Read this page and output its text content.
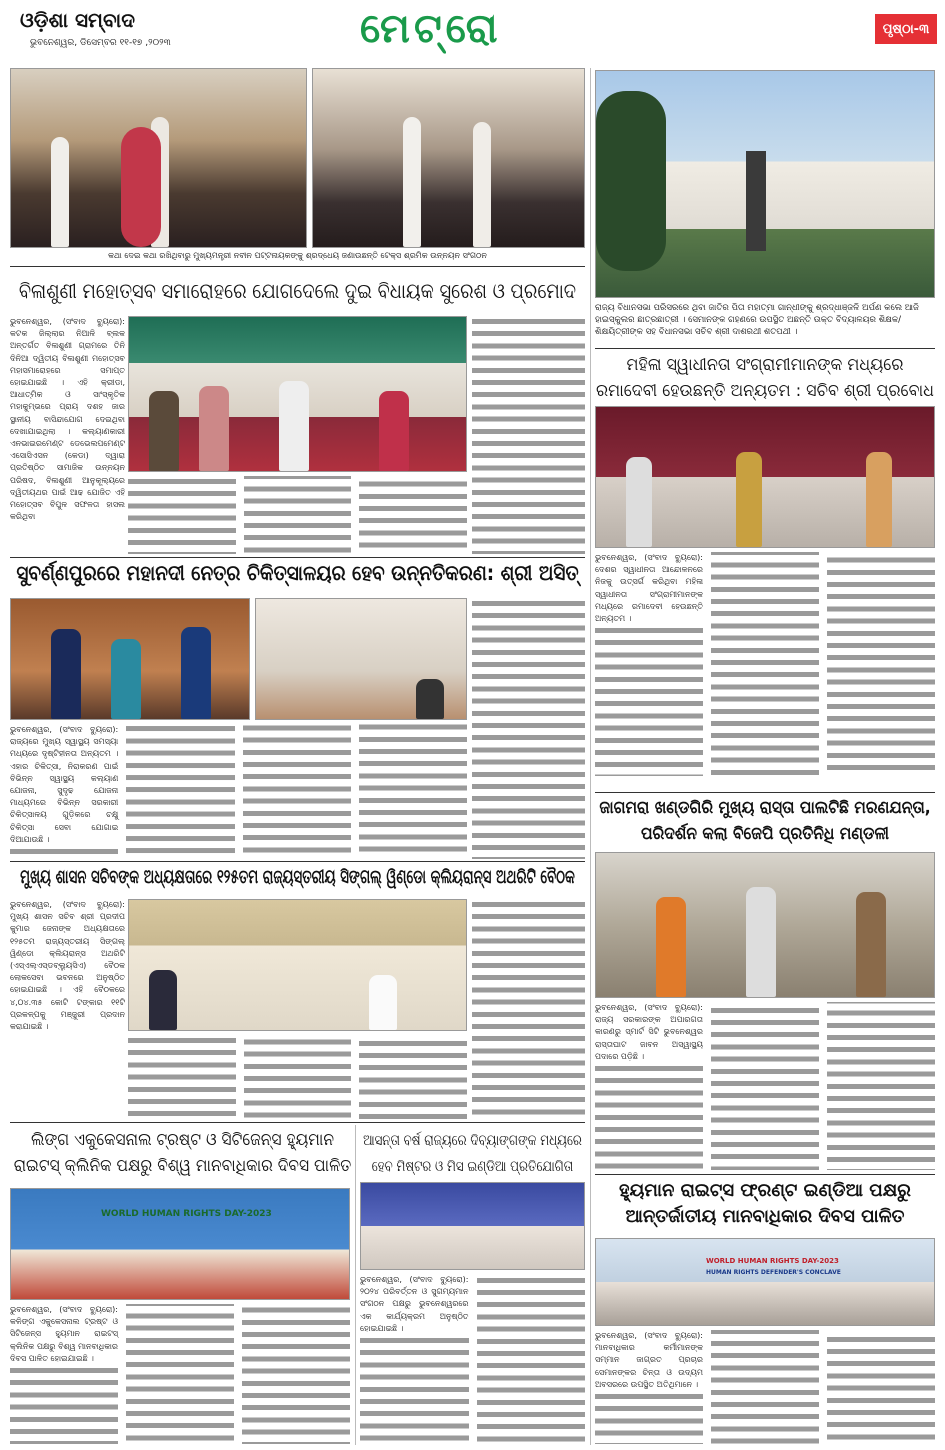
ଓଡ଼ିଶା ସମ୍ବାଦ
ଭୁବନେଶ୍ୱର, ଡିସେମ୍ବର ୧୧-୧୭ ,୨୦୨୩	ମେଟ୍ରୋ	ପୃଷ୍ଠା-୩
କଥା ଦେଇ କଥା ରଖିଥିବାରୁ ମୁଖ୍ୟମନ୍ତ୍ରୀ ନବୀନ ପଟ୍ଟନାୟକଙ୍କୁ ଶ୍ରଦ୍ଧେୟ ଜଣାଉଛନ୍ତି ଟେକ୍ସ ଶ୍ରମିକ ଉନ୍ନୟନ ସଂଗଠନ
ବିଳାଶୁଣୀ ମହୋତ୍ସବ ସମାରୋହରେ ଯୋଗଦେଲେ ଦୁଇ ବିଧାୟକ ସୁରେଶ ଓ ପ୍ରମୋଦ
ଭୁବନେଶ୍ୱର, (ସଂବାଦ ବ୍ୟୁରୋ): କଟକ ଜିଲ୍ଲାର ନିଆଳି ବ୍ଲକ ଅନ୍ତର୍ଗତ ବିଳାଶୁଣୀ ଗ୍ରାମରେ ତିନି ଦିନିଆ ଦ୍ୱିତୀୟ ବିଳାଶୁଣୀ ମହୋତ୍ସବ ମହାସମାରୋହରେ ସମାପ୍ତ ହୋଇଯାଇଛି । ଏହି କ୍ରୀଡା, ଆଧାତ୍ମିକ ଓ ସାଂସ୍କୃତିକ ମହାକୁମ୍ଭରେ ପ୍ରାୟ ଦଶହ ଜାର ସ୍ଥାନୀୟ ବାସିନ୍ଦାଯୋଗ ଦେଇଥିବା ଦେଖାଯାଇଥିଲା । କଲ୍ୟାଣକାରୀ ଏନଭାଇରମେଣ୍ଟ ଡେଭେଲପମେଣ୍ଟ ଏସୋସିଏସନ (କେଡା) ଦ୍ୱାରା ପ୍ରତିଷ୍ଠିତ ସାମାଜିକ ଉନ୍ନୟନ ପରିଷଦ, ବିଳାଶୁଣୀ ଆନୁକୂଲ୍ୟରେ ଦ୍ୱିତୀୟଥର ପାଇଁ ଆଢ ଯୋଜିତ ଏହି ମହୋତ୍ସବ ବିପୁଳ ସଫଳତା ହାସଲ କରିଥିବା
ସୁବର୍ଣ୍ଣପୁରରେ ମହାନଦୀ ନେତ୍ର ଚିକିତ୍ସାଳୟର ହେବ ଉନ୍ନତିକରଣ: ଶ୍ରୀ ଅସିତ୍
ଭୁବନେଶ୍ୱର, (ସଂବାଦ ବ୍ୟୁରୋ): ରାଜ୍ୟରେ ମୁଖ୍ୟ ସ୍ୱାସ୍ଥ୍ୟ ସମସ୍ୟା ମଧ୍ୟରେ ଦୃଷ୍ଟିହୀନତା ଅନ୍ୟତମ । ଏହାର ଚିକିତ୍ସା, ନିରାକରଣ ପାଇଁ ବିଭିନ୍ନ ସ୍ୱାସ୍ଥ୍ୟ କଲ୍ୟାଣ ଯୋଜନା, ସୁଦୃଢ ଯୋଜନା ମାଧ୍ୟମରେ ବିଭିନ୍ନ ସରକାରୀ ଚିକିତ୍ସାଳୟ ଗୁଡ଼ିକରେ ଚକ୍ଷୁ ଚିକିତ୍ସା ସେବା ଯୋଗାଇ ଦିଆଯାଉଛି ।
ମୁଖ୍ୟ ଶାସନ ସଚିବଙ୍କ ଅଧ୍ୟକ୍ଷତାରେ ୧୨୫ତମ ରାଜ୍ୟସ୍ତରୀୟ ସିଙ୍ଗଲ୍ ୱିଣ୍ଡୋ କ୍ଲିୟରାନ୍ସ ଅଥରିଟି ବୈଠକ
ଭୁବନେଶ୍ୱର, (ସଂବାଦ ବ୍ୟୁରୋ): ମୁଖ୍ୟ ଶାସନ ସଚିବ ଶ୍ରୀ ପ୍ରଦୀପ କୁମାର ଜେନାଙ୍କ ଅଧ୍ୟକ୍ଷତାରେ ୧୨୫ତମ ରାଜ୍ୟସ୍ତରୀୟ ସିଙ୍ଗଲ୍ ୱିଣ୍ଡୋ କ୍ଲିୟରାନ୍ସ ଅଥରିଟି (ଏସ୍‌ଏଲ୍‌ଏସ୍‌ଡବ୍ଲ୍ୟୁସିଏ) ବୈଠକ ଲୋକସେବା ଭବନରେ ଅନୁଷ୍ଠିତ ହୋଇଯାଇଛି । ଏହି ବୈଠକରେ ୪,୦୪.୩୫ କୋଟି ଟଙ୍କାର ୧୧ଟି ପ୍ରକଳ୍ପକୁ ମଞ୍ଜୁରୀ ପ୍ରଦାନ କରାଯାଇଛି ।
ଲିଙ୍ଗ ଏକୁକେସନାଲ ଟ୍ରଷ୍ଟ ଓ ସିଟିଜେନ୍ସ ହ୍ୟୁମାନ ରାଇଟସ୍ କ୍ଲିନିକ ପକ୍ଷରୁ ବିଶ୍ୱ ମାନବାଧିକାର ଦିବସ ପାଳିତ
WORLD HUMAN RIGHTS DAY-2023
ଭୁବନେଶ୍ୱର, (ସଂବାଦ ବ୍ୟୁରୋ): କଳିଙ୍ଗ ଏକୁକେସନାଲ ଟ୍ରଷ୍ଟ ଓ ସିଟିଜେନ୍ସ ହ୍ୟୁମାନ ରାଇଟସ୍ କ୍ଲିନିକ ପକ୍ଷରୁ ବିଶ୍ୱ ମାନବାଧିକାର ଦିବସ ପାଳିତ ହୋଇଯାଇଛି ।
ଆସନ୍ତା ବର୍ଷ ରାଜ୍ୟରେ ଦିବ୍ୟାଙ୍ଗଙ୍କ ମଧ୍ୟରେ ହେବ ମିଷ୍ଟର ଓ ମିସ ଇଣ୍ଡିଆ ପ୍ରତିଯୋଗିତା
ଭୁବନେଶ୍ୱର, (ସଂବାଦ ବ୍ୟୁରୋ): ୨୦୨୪ ପରିବର୍ତ୍ତନ ଓ ସୁଗମ୍ୟମାନ ସଂଗଠନ ପକ୍ଷରୁ ଭୁବନେଶ୍ୱରରେ ଏକ କାର୍ଯ୍ୟକ୍ରମ ଅନୁଷ୍ଠିତ ହୋଇଯାଇଛି ।
ରାଜ୍ୟ ବିଧାନସଭା ପରିସରରେ ଥିବା ଜାତିର ପିତା ମହାତ୍ମା ଗାନ୍ଧୀଙ୍କୁ ଶ୍ରଦ୍ଧାଞ୍ଜଳି ଅର୍ପଣ କଲେ ଆଜି ହାଇସ୍କୁଲର ଛାତ୍ରଛାତ୍ରୀ । ସେମାନଙ୍କ ଗହଣରେ ଉପସ୍ଥିତ ଅଛନ୍ତି ଉକ୍ତ ବିଦ୍ୟାଳୟର ଶିକ୍ଷକ/ଶିକ୍ଷୟିତ୍ରୀଙ୍କ ସହ ବିଧାନସଭା ସଚିବ ଶ୍ରୀ ଦାଶରଥୀ ଶତପଥୀ ।
ମହିଳା ସ୍ୱାଧୀନତା ସଂଗ୍ରାମୀମାନଙ୍କ ମଧ୍ୟରେ ରମାଦେବୀ ହେଉଛନ୍ତି ଅନ୍ୟତମ : ସଚିବ ଶ୍ରୀ ପ୍ରବୋଧ
ଭୁବନେଶ୍ୱର, (ସଂବାଦ ବ୍ୟୁରୋ): ଦେଶର ସ୍ୱାଧୀନତା ଆନ୍ଦୋଳନରେ ନିଜକୁ ଉତ୍ସର୍ଗ କରିଥିବା ମହିଳା ସ୍ୱାଧୀନତା ସଂଗ୍ରାମୀମାନଙ୍କ ମଧ୍ୟରେ ରମାଦେବୀ ହେଉଛନ୍ତି ଅନ୍ୟତମ ।
ଜାଗମରା ଖଣ୍ଡଗିରି ମୁଖ୍ୟ ରାସ୍ତା ପାଲଟିଛି ମରଣଯନ୍ତା, ପରିଦର୍ଶନ କଲା ବିଜେପି ପ୍ରତିନିଧି ମଣ୍ଡଳୀ
ଭୁବନେଶ୍ୱର, (ସଂବାଦ ବ୍ୟୁରୋ): ରାଜ୍ୟ ସରକାରଙ୍କ ଅପାରଗତା କାରଣରୁ ସ୍ମାର୍ଟ ସିଟି ଭୁବନେଶ୍ୱର ରାସ୍ତାଘାଟ ଜାବନ ଅସ୍ୱାସ୍ଥ୍ୟ ପଦାରେ ପଡ଼ିଛି ।
ହ୍ୟୁମାନ ରାଇଟ୍ସ ଫ୍ରଣ୍ଟ ଇଣ୍ଡିଆ ପକ୍ଷରୁ ଆନ୍ତର୍ଜାତୀୟ ମାନବାଧିକାର ଦିବସ ପାଳିତ
WORLD HUMAN RIGHTS DAY-2023
HUMAN RIGHTS DEFENDER'S CONCLAVE
ଭୁବନେଶ୍ୱର, (ସଂବାଦ ବ୍ୟୁରୋ): ମାନବାଧିକାର କର୍ମୀମାନଙ୍କ ସମ୍ମାନ ଜାଗ୍ରତ ପ୍ରଚାର ସେମାନଙ୍କର ଚିନ୍ତା ଓ ଉଦ୍ୟମ ଅବସରରେ ଉପସ୍ଥିତ ଅତିଥିମାନେ ।
